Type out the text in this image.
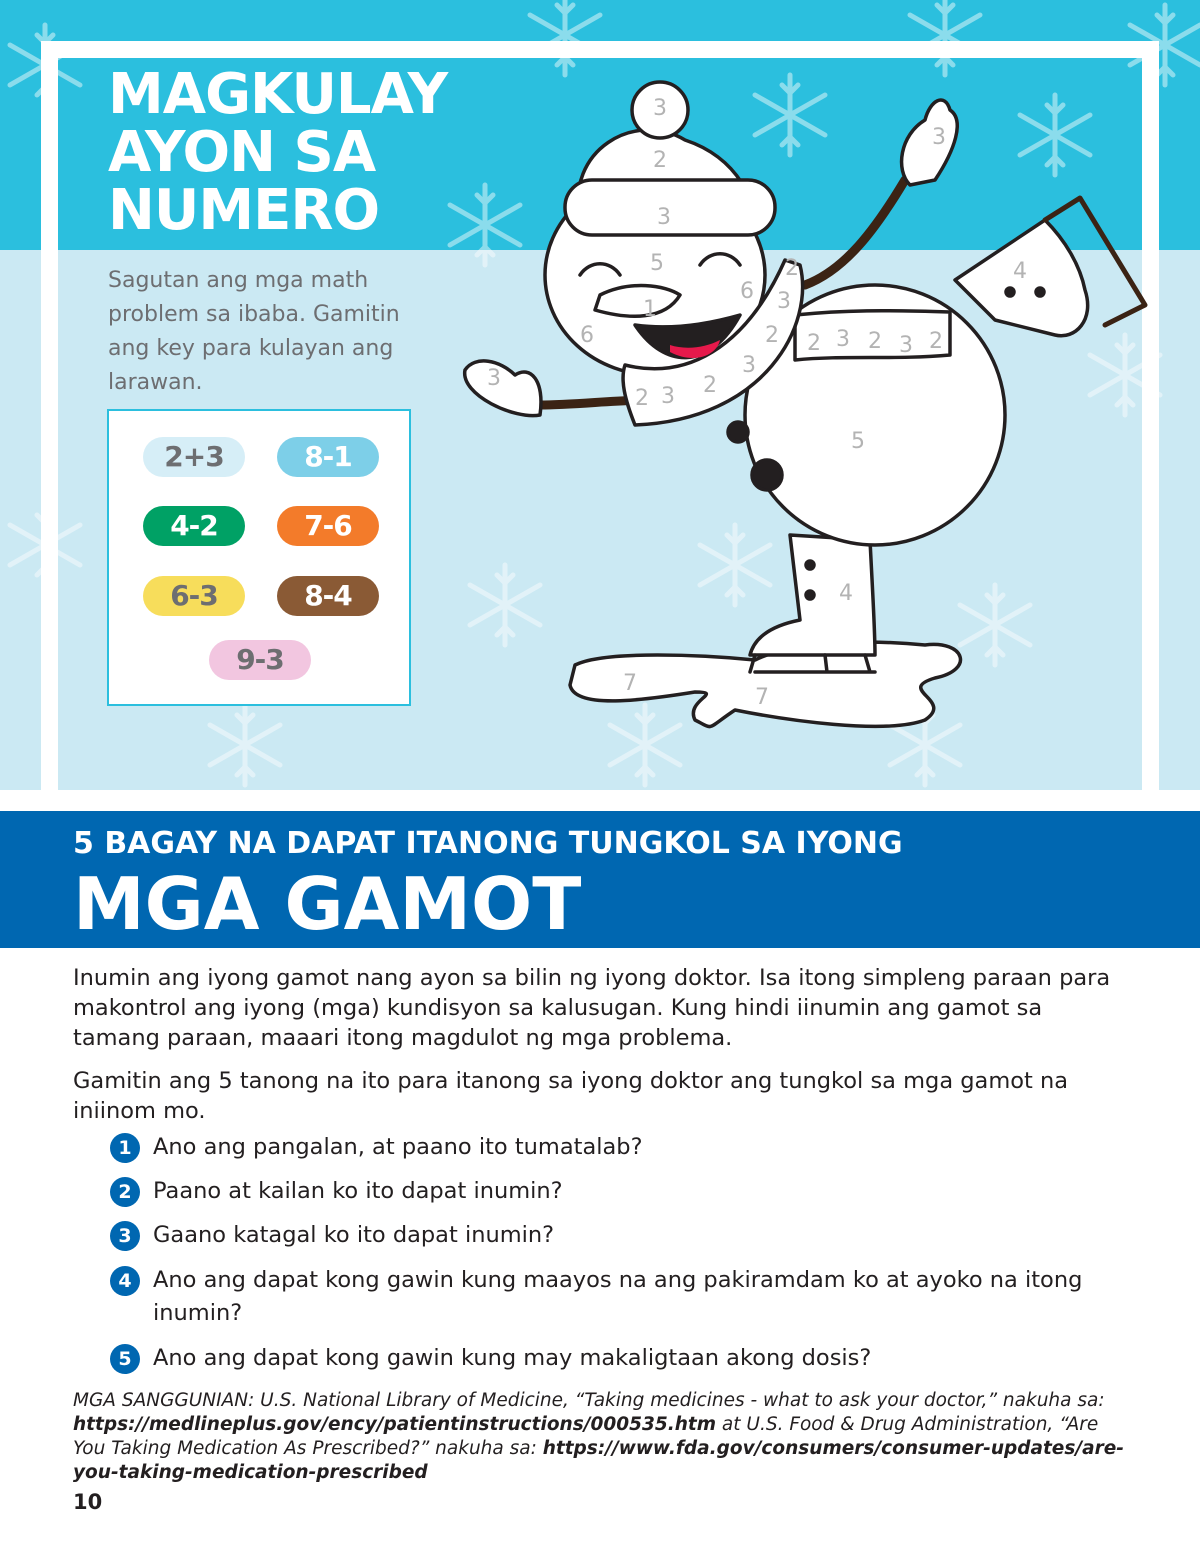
MAGKULAY
AYON SA
NUMERO

Sagutan ang mga math problem sa ibaba. Gamitin ang key para kulayan ang larawan.

2+3	8-1
4-2	7-6
6-3	8-4
9-3
3
2
3
5
3
4
2
6
1
6
3
2 2 3 2 3 2
3
3	2
3
2
5
4
7
7
5 BAGAY NA DAPAT ITANONG TUNGKOL SA IYONG
MGA GAMOT

Inumin ang iyong gamot nang ayon sa bilin ng iyong doktor. Isa itong simpleng paraan para makontrol ang iyong (mga) kundisyon sa kalusugan. Kung hindi iinumin ang gamot sa tamang paraan, maaari itong magdulot ng mga problema.

Gamitin ang 5 tanong na ito para itanong sa iyong doktor ang tungkol sa mga gamot na iniinom mo.

1 Ano ang pangalan, at paano ito tumatalab?
2 Paano at kailan ko ito dapat inumin?
3 Gaano katagal ko ito dapat inumin?
4 Ano ang dapat kong gawin kung maayos na ang pakiramdam ko at ayoko na itong inumin?
5 Ano ang dapat kong gawin kung may makaligtaan akong dosis?

MGA SANGGUNIAN: U.S. National Library of Medicine, “Taking medicines - what to ask your doctor,” nakuha sa: https://medlineplus.gov/ency/patientinstructions/000535.htm at U.S. Food & Drug Administration, “Are You Taking Medication As Prescribed?” nakuha sa: https://www.fda.gov/consumers/consumer-updates/are-you-taking-medication-prescribed

10
